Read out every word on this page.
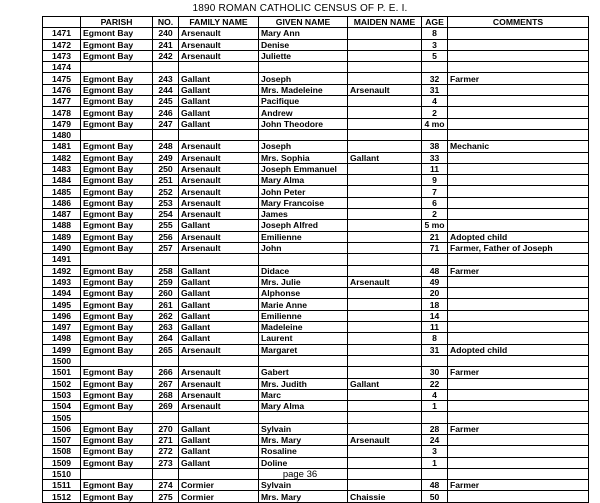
1890 ROMAN CATHOLIC CENSUS OF P. E. I.
	PARISH	NO.	FAMILY NAME	GIVEN NAME	MAIDEN NAME	AGE	COMMENTS
1471	Egmont Bay	240	Arsenault	Mary Ann		8	
1472	Egmont Bay	241	Arsenault	Denise		3	
1473	Egmont Bay	242	Arsenault	Juliette		5	
1474							
1475	Egmont Bay	243	Gallant	Joseph		32	Farmer
1476	Egmont Bay	244	Gallant	Mrs. Madeleine	Arsenault	31	
1477	Egmont Bay	245	Gallant	Pacifique		4	
1478	Egmont Bay	246	Gallant	Andrew		2	
1479	Egmont Bay	247	Gallant	John Theodore		4 mo	
1480							
1481	Egmont Bay	248	Arsenault	Joseph		38	Mechanic
1482	Egmont Bay	249	Arsenault	Mrs. Sophia	Gallant	33	
1483	Egmont Bay	250	Arsenault	Joseph Emmanuel		11	
1484	Egmont Bay	251	Arsenault	Mary Alma		9	
1485	Egmont Bay	252	Arsenault	John Peter		7	
1486	Egmont Bay	253	Arsenault	Mary Francoise		6	
1487	Egmont Bay	254	Arsenault	James		2	
1488	Egmont Bay	255	Gallant	Joseph Alfred		5 mo	
1489	Egmont Bay	256	Arsenault	Emilienne		21	Adopted child
1490	Egmont Bay	257	Arsenault	John		71	Farmer, Father of Joseph
1491							
1492	Egmont Bay	258	Gallant	Didace		48	Farmer
1493	Egmont Bay	259	Gallant	Mrs. Julie	Arsenault	49	
1494	Egmont Bay	260	Gallant	Alphonse		20	
1495	Egmont Bay	261	Gallant	Marie Anne		18	
1496	Egmont Bay	262	Gallant	Emilienne		14	
1497	Egmont Bay	263	Gallant	Madeleine		11	
1498	Egmont Bay	264	Gallant	Laurent		8	
1499	Egmont Bay	265	Arsenault	Margaret		31	Adopted child
1500							
1501	Egmont Bay	266	Arsenault	Gabert		30	Farmer
1502	Egmont Bay	267	Arsenault	Mrs. Judith	Gallant	22	
1503	Egmont Bay	268	Arsenault	Marc		4	
1504	Egmont Bay	269	Arsenault	Mary Alma		1	
1505							
1506	Egmont Bay	270	Gallant	Sylvain		28	Farmer
1507	Egmont Bay	271	Gallant	Mrs. Mary	Arsenault	24	
1508	Egmont Bay	272	Gallant	Rosaline		3	
1509	Egmont Bay	273	Gallant	Doline		1	
1510							
1511	Egmont Bay	274	Cormier	Sylvain		48	Farmer
1512	Egmont Bay	275	Cormier	Mrs. Mary	Chaissie	50	
page 36
